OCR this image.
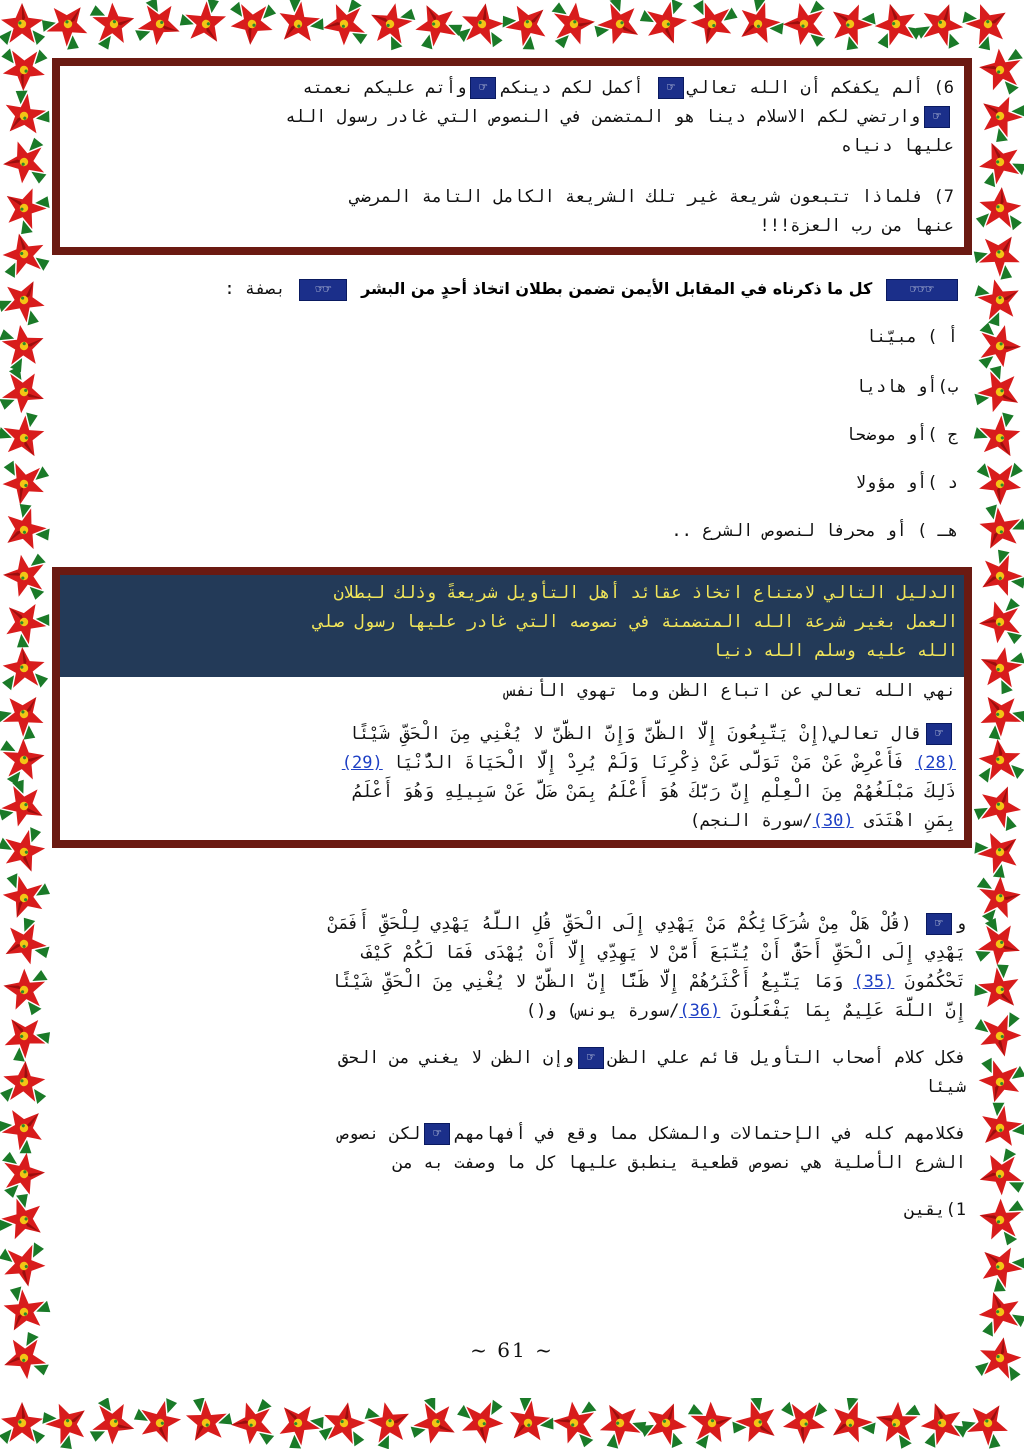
6) ألم يكفكم أن الله تعالي☞ أكمل لكم دينكم☞وأتم عليكم نعمته
☞وارتضي لكم الاسلام دينا هو المتضمن في النصوص التي غادر رسول الله
عليها دنياه
7) فلماذا تتبعون شريعة غير تلك الشريعة الكامل التامة المرضي
عنها من رب العزة!!!
☞☞☞ كل ما ذكرناه في المقابل الأيمن تضمن بطلان اتخاذ أحدٍ من البشر ☞☞ بصفة :
أ ) مبيّنا
ب)أو هاديا
ج )أو موضحا
د )أو مؤولا
هـ ) أو محرفا لنصوص الشرع ..
الدليل التالي لامتناع اتخاذ عقائد أهل التأويل شريعةً وذلك لبطلان
العمل بغير شرعة الله المتضمنة في نصوصه التي غادر عليها رسول صلي
الله عليه وسلم الله دنيا
نهي الله تعالي عن اتباع الظن وما تهوي الأنفس
☞قال تعالي(إِنْ يَتَّبِعُونَ إِلَّا الظَّنَّ وَإِنَّ الظَّنَّ لا يُغْنِي مِنَ الْحَقِّ شَيْئًا
(28) فَأَعْرِضْ عَنْ مَنْ تَوَلَّى عَنْ ذِكْرِنَا وَلَمْ يُرِدْ إِلَّا الْحَيَاةَ الدُّنْيَا (29)
ذَلِكَ مَبْلَغُهُمْ مِنَ الْعِلْمِ إِنَّ رَبَّكَ هُوَ أَعْلَمُ بِمَنْ ضَلَّ عَنْ سَبِيلِهِ وَهُوَ أَعْلَمُ
بِمَنِ اهْتَدَى (30)/سورة النجم)
و☞ (قُلْ هَلْ مِنْ شُرَكَائِكُمْ مَنْ يَهْدِي إِلَى الْحَقِّ قُلِ اللَّهُ يَهْدِي لِلْحَقِّ أَفَمَنْ
يَهْدِي إِلَى الْحَقِّ أَحَقُّ أَنْ يُتَّبَعَ أَمَّنْ لا يَهِدِّي إِلَّا أَنْ يُهْدَى فَمَا لَكُمْ كَيْفَ
تَحْكُمُونَ (35) وَمَا يَتَّبِعُ أَكْثَرُهُمْ إِلَّا ظَنًّا إِنَّ الظَّنَّ لا يُغْنِي مِنَ الْحَقِّ شَيْئًا
إِنَّ اللَّهَ عَلِيمٌ بِمَا يَفْعَلُونَ (36)/سورة يونس) و()
فكل كلام أصحاب التأويل قائم علي الظن☞وإن الظن لا يغني من الحق
شيئا
فكلامهم كله في الإحتمالات والمشكل مما وقع في أفهامهم☞لكن نصوص
الشرع الأصلية هي نصوص قطعية ينطبق عليها كل ما وصفت به من
1)يقين
~ 61 ~
